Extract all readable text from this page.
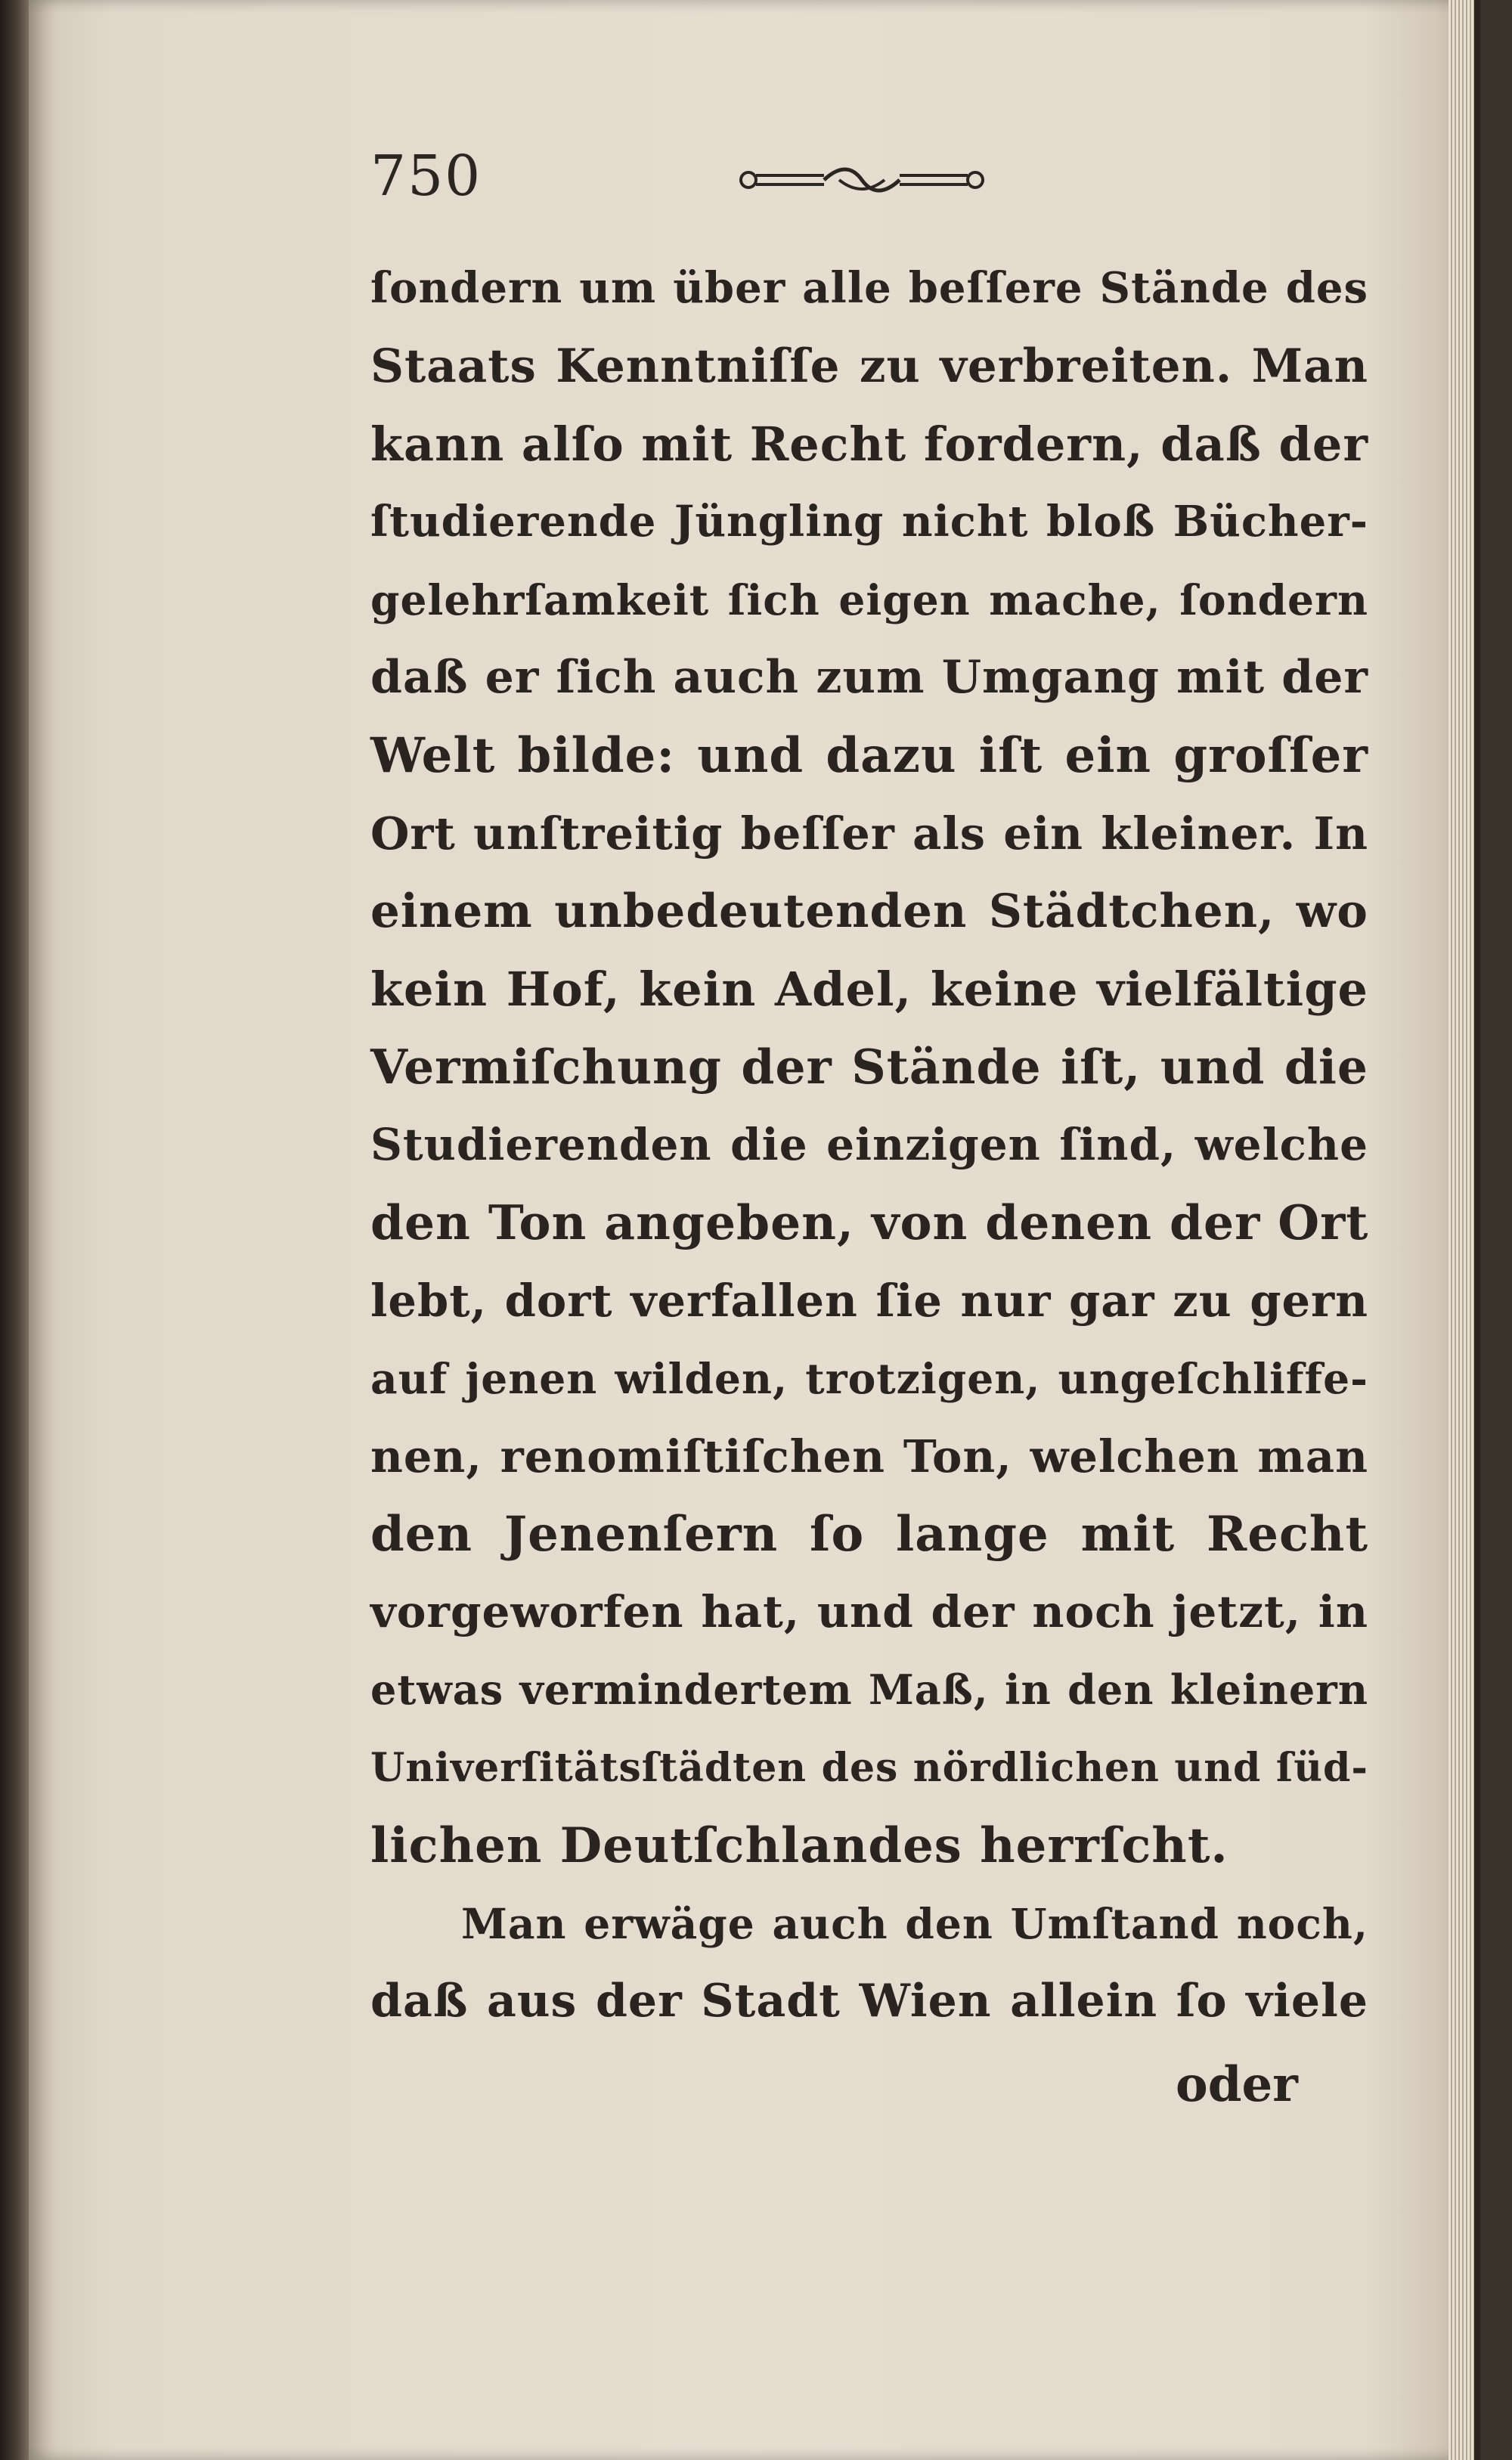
750
ſondern um über alle beſſere Stände des
Staats Kenntniſſe zu verbreiten. Man
kann alſo mit Recht fordern, daß der
ſtudierende Jüngling nicht bloß Bücher-
gelehrſamkeit ſich eigen mache, ſondern
daß er ſich auch zum Umgang mit der
Welt bilde: und dazu iſt ein groſſer
Ort unſtreitig beſſer als ein kleiner. In
einem unbedeutenden Städtchen, wo
kein Hof, kein Adel, keine vielfältige
Vermiſchung der Stände iſt, und die
Studierenden die einzigen ſind, welche
den Ton angeben, von denen der Ort
lebt, dort verfallen ſie nur gar zu gern
auf jenen wilden, trotzigen, ungeſchliffe-
nen, renomiſtiſchen Ton, welchen man
den Jenenſern ſo lange mit Recht
vorgeworfen hat, und der noch jetzt, in
etwas vermindertem Maß, in den kleinern
Univerſitätsſtädten des nördlichen und ſüd-
lichen Deutſchlandes herrſcht.
Man erwäge auch den Umſtand noch,
daß aus der Stadt Wien allein ſo viele
oder
